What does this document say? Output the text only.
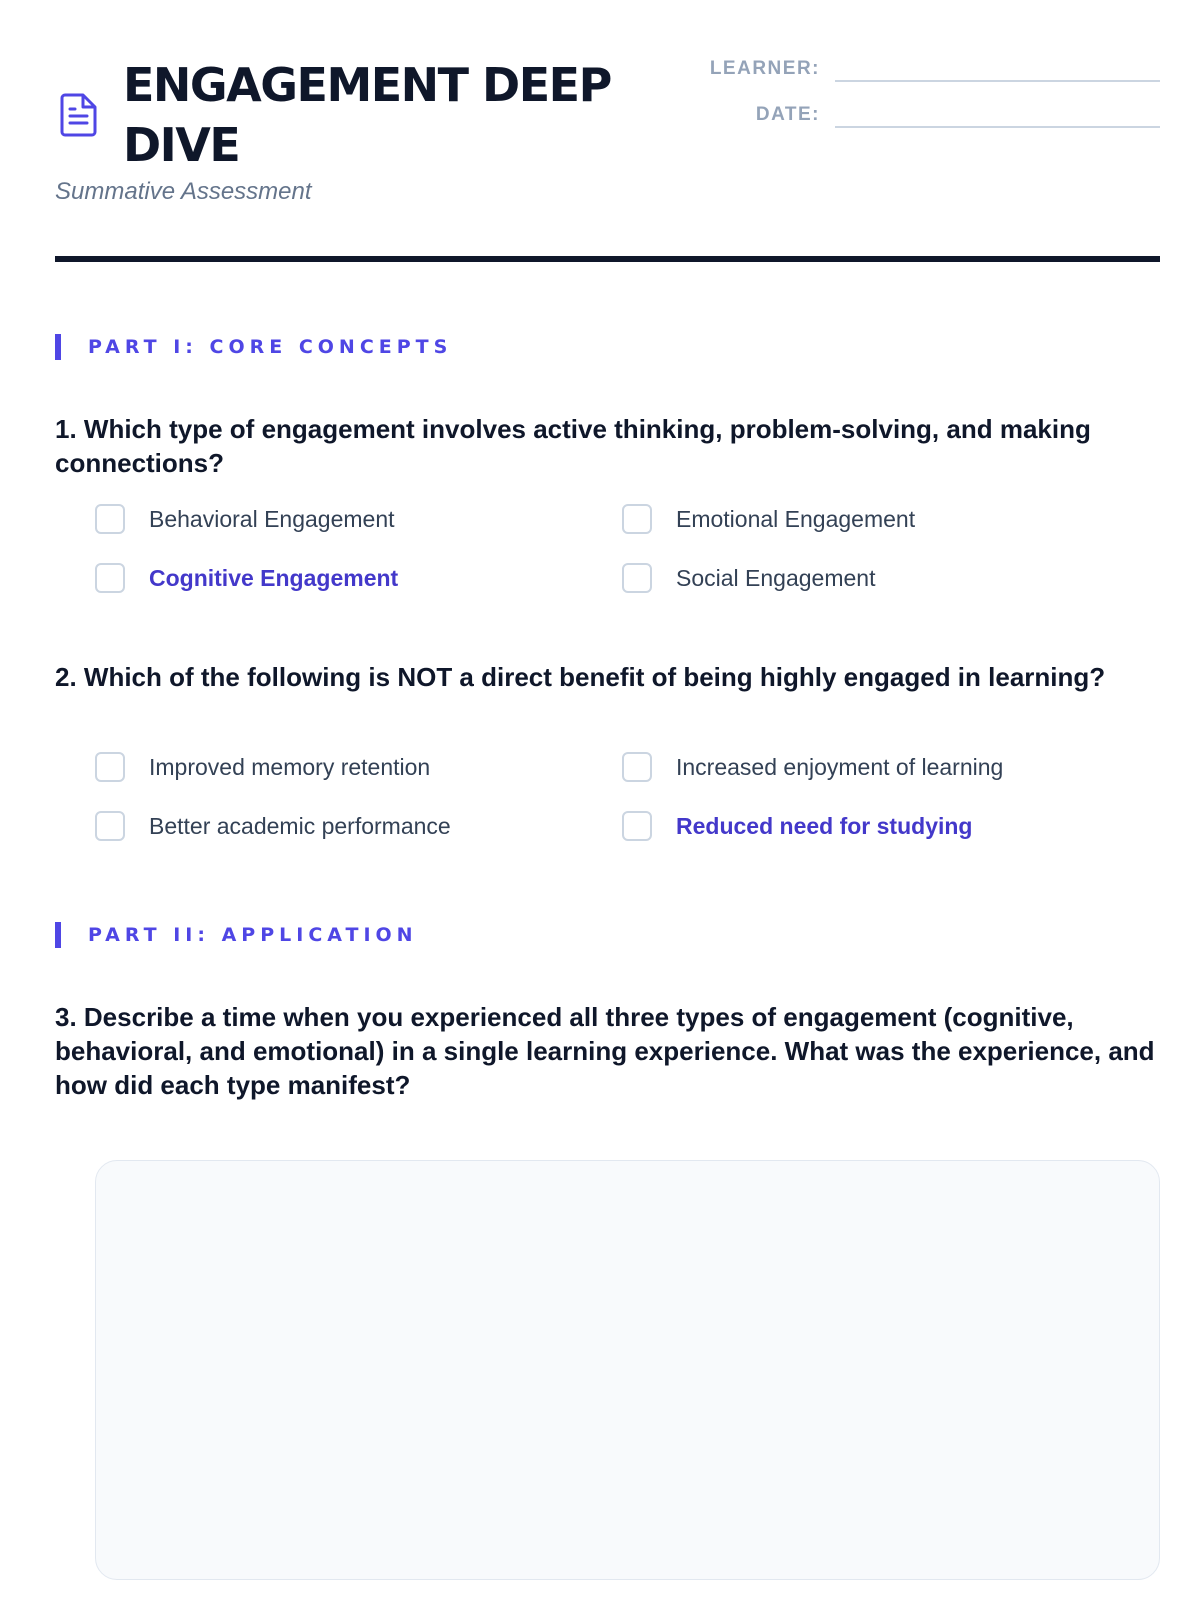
ENGAGEMENT DEEP DIVE

Summative Assessment

LEARNER:
DATE:
PART I: CORE CONCEPTS

1. Which type of engagement involves active thinking, problem-solving, and making connections?

Behavioral Engagement	Emotional Engagement
Cognitive Engagement	Social Engagement

2. Which of the following is NOT a direct benefit of being highly engaged in learning?

Improved memory retention	Increased enjoyment of learning
Better academic performance	Reduced need for studying
PART II: APPLICATION

3. Describe a time when you experienced all three types of engagement (cognitive, behavioral, and emotional) in a single learning experience. What was the experience, and how did each type manifest?
